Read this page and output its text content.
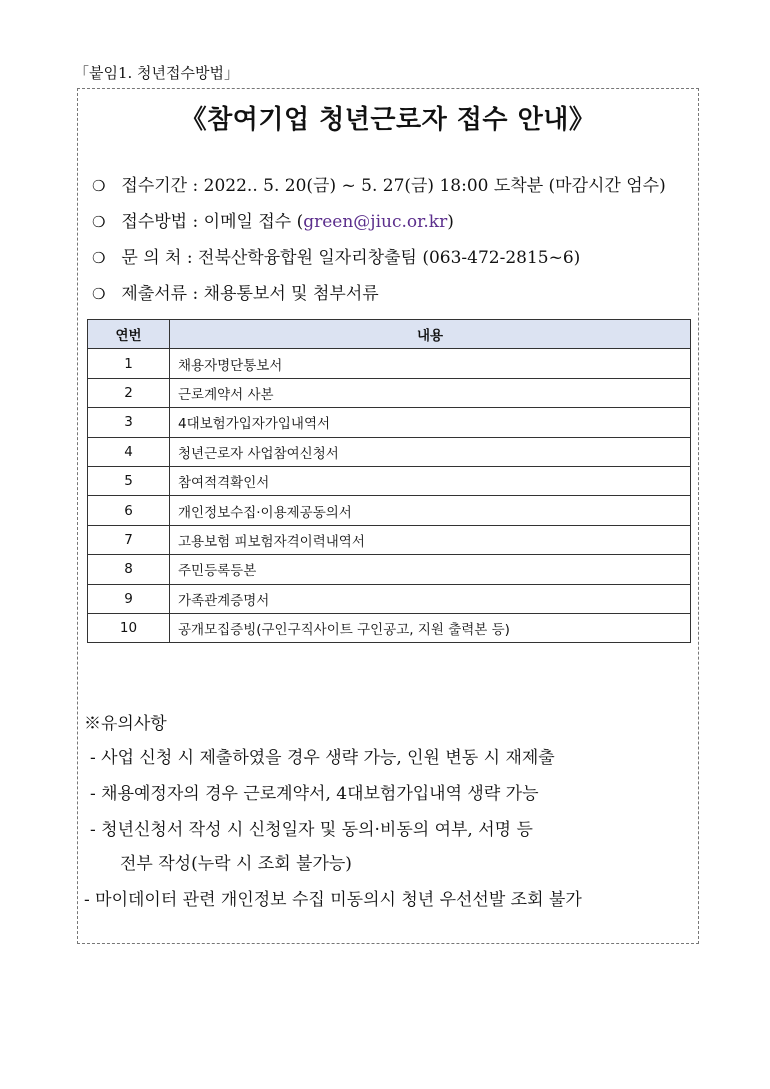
「붙임1. 청년접수방법」
《참여기업 청년근로자 접수 안내》
❍ 접수기간 : 2022.. 5. 20(금) ~ 5. 27(금) 18:00 도착분 (마감시간 엄수)
❍ 접수방법 : 이메일 접수 (green@jiuc.or.kr)
❍ 문 의 처 : 전북산학융합원 일자리창출팀 (063-472-2815~6)
❍ 제출서류 : 채용통보서 및 첨부서류
연번	내용
1	채용자명단통보서
2	근로계약서 사본
3	4대보험가입자가입내역서
4	청년근로자 사업참여신청서
5	참여적격확인서
6	개인정보수집·이용제공동의서
7	고용보험 피보험자격이력내역서
8	주민등록등본
9	가족관계증명서
10	공개모집증빙(구인구직사이트 구인공고, 지원 출력본 등)
※유의사항
- 사업 신청 시 제출하였을 경우 생략 가능, 인원 변동 시 재제출
- 채용예정자의 경우 근로계약서, 4대보험가입내역 생략 가능
- 청년신청서 작성 시 신청일자 및 동의·비동의 여부, 서명 등
전부 작성(누락 시 조회 불가능)
- 마이데이터 관련 개인정보 수집 미동의시 청년 우선선발 조회 불가
